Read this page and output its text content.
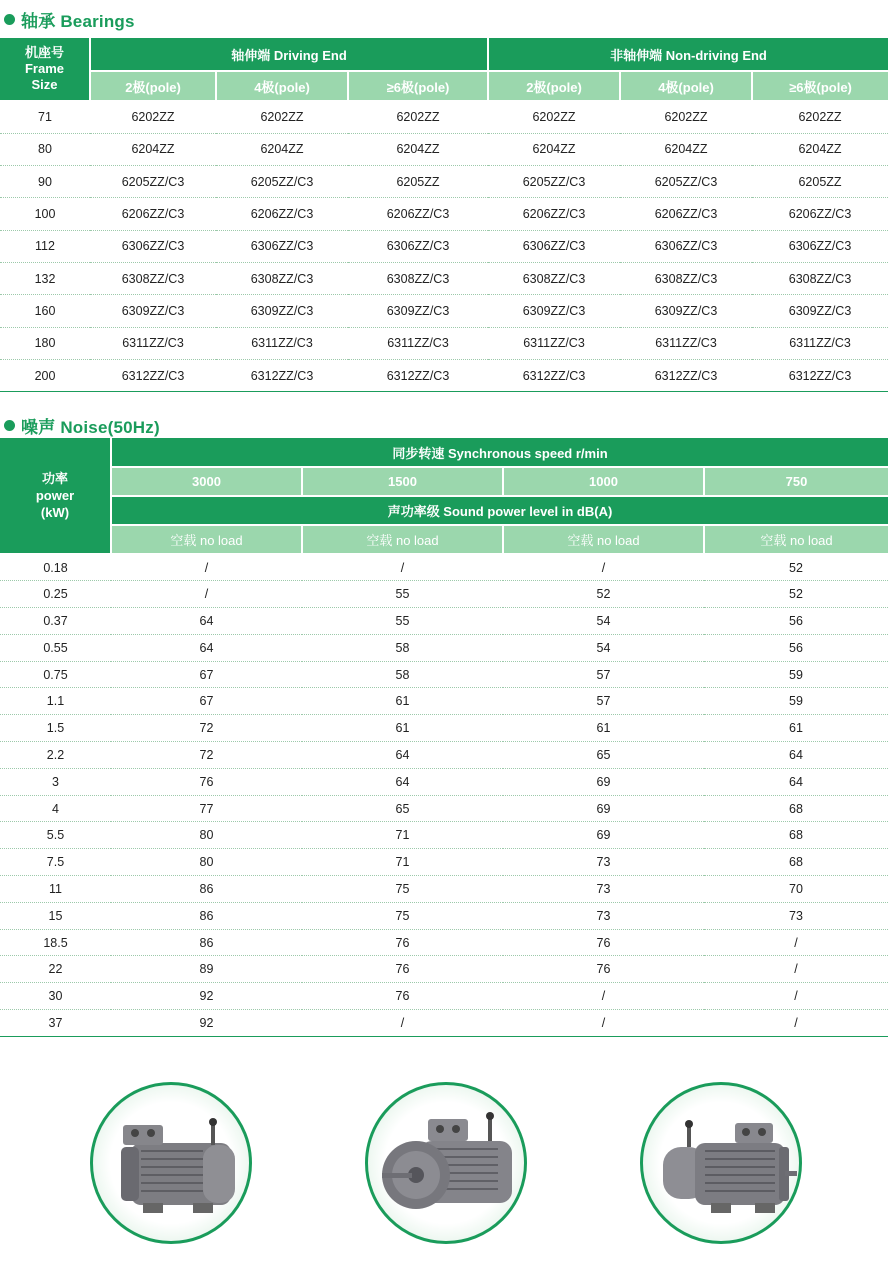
轴承 Bearings
机座号
Frame
Size	轴伸端 Driving End			非轴伸端 Non-driving End		
	2极(pole)	4极(pole)	≥6极(pole)	2极(pole)	4极(pole)	≥6极(pole)
71	6202ZZ	6202ZZ	6202ZZ	6202ZZ	6202ZZ	6202ZZ
80	6204ZZ	6204ZZ	6204ZZ	6204ZZ	6204ZZ	6204ZZ
90	6205ZZ/C3	6205ZZ/C3	6205ZZ	6205ZZ/C3	6205ZZ/C3	6205ZZ
100	6206ZZ/C3	6206ZZ/C3	6206ZZ/C3	6206ZZ/C3	6206ZZ/C3	6206ZZ/C3
112	6306ZZ/C3	6306ZZ/C3	6306ZZ/C3	6306ZZ/C3	6306ZZ/C3	6306ZZ/C3
132	6308ZZ/C3	6308ZZ/C3	6308ZZ/C3	6308ZZ/C3	6308ZZ/C3	6308ZZ/C3
160	6309ZZ/C3	6309ZZ/C3	6309ZZ/C3	6309ZZ/C3	6309ZZ/C3	6309ZZ/C3
180	6311ZZ/C3	6311ZZ/C3	6311ZZ/C3	6311ZZ/C3	6311ZZ/C3	6311ZZ/C3
200	6312ZZ/C3	6312ZZ/C3	6312ZZ/C3	6312ZZ/C3	6312ZZ/C3	6312ZZ/C3
噪声 Noise(50Hz)
功率
power
(kW)	同步转速 Synchronous speed r/min			
	3000	1500	1000	750
	声功率级 Sound power level in dB(A)			
	空载 no load	空载 no load	空载 no load	空载 no load
0.18	/	/	/	52
0.25	/	55	52	52
0.37	64	55	54	56
0.55	64	58	54	56
0.75	67	58	57	59
1.1	67	61	57	59
1.5	72	61	61	61
2.2	72	64	65	64
3	76	64	69	64
4	77	65	69	68
5.5	80	71	69	68
7.5	80	71	73	68
11	86	75	73	70
15	86	75	73	73
18.5	86	76	76	/
22	89	76	76	/
30	92	76	/	/
37	92	/	/	/
